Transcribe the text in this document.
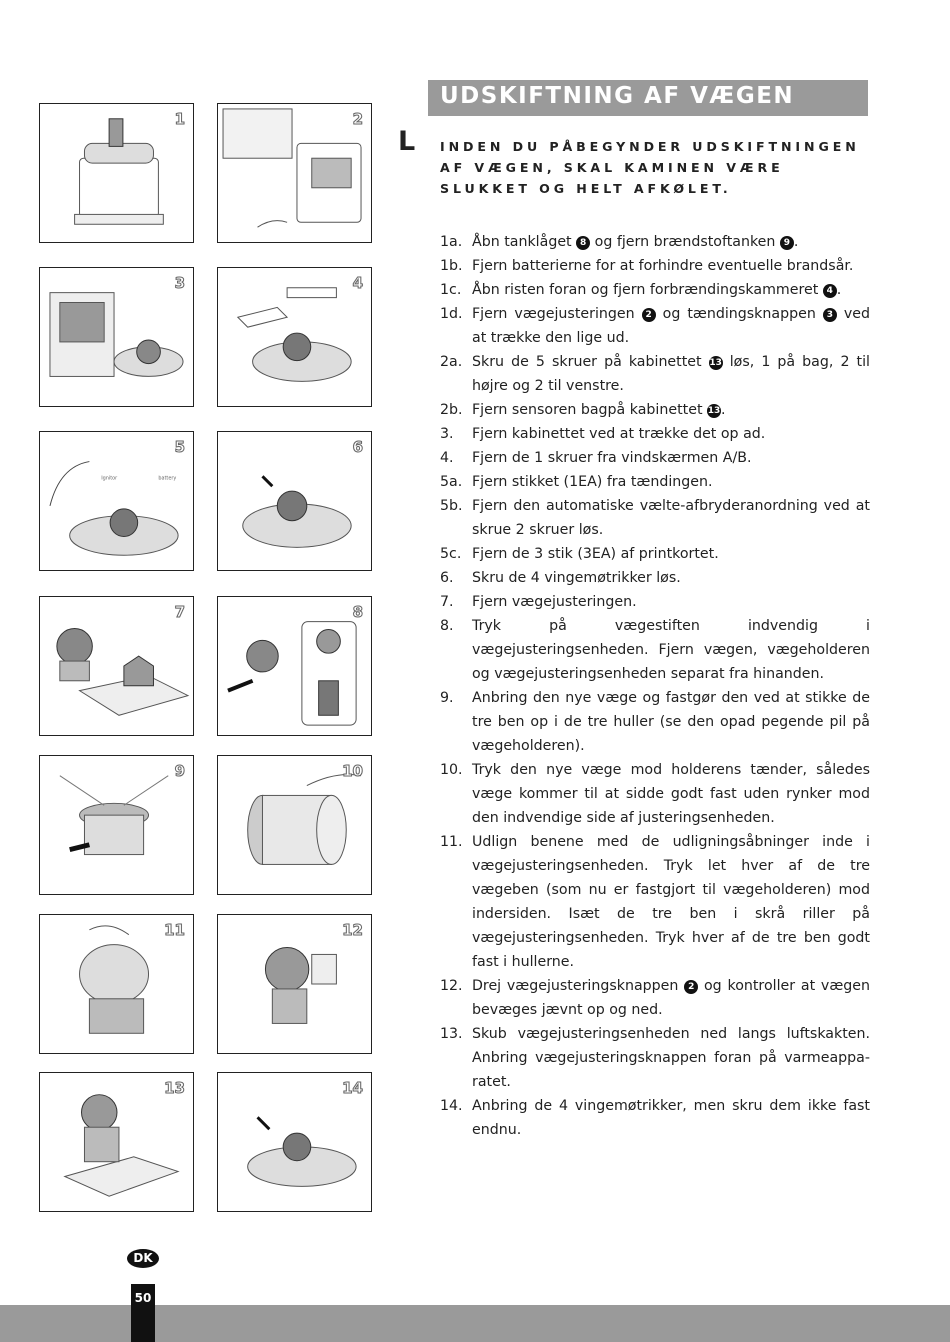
1	2
3	4
Ignitor	battery
5	6
7	8
9	10
11	12
13	14
UDSKIFTNING AF VÆGEN
L INDEN DU PÅBEGYNDER UDSKIFTNINGEN AF VÆGEN, SKAL KAMINEN VÆRE SLUKKET OG HELT AFKØLET.
1a. Åbn tanklåget 8 og fjern brændstoftanken 9 .
1b. Fjern batterierne for at forhindre eventuelle brandsår.
1c. Åbn risten foran og fjern forbrændingskammeret 4 .
1d. Fjern vægejusteringen 2 og tændingsknappen 3 ved at trække den lige ud.
2a. Skru de 5 skruer på kabinettet 13 løs, 1 på bag, 2 til højre og 2 til venstre.
2b. Fjern sensoren bagpå kabinettet 13.
3.	Fjern kabinettet ved at trække det op ad.
4.	Fjern de 1 skruer fra vindskærmen A/B.
5a. Fjern stikket (1EA) fra tændingen.
5b. Fjern den automatiske vælte-afbryderanordning ved at skrue 2 skruer løs.
5c. Fjern de 3 stik (3EA) af printkortet.
6.	Skru de 4 vingemøtrikker løs.
7.	Fjern vægejusteringen.
8.	Tryk på vægestiften indvendig i vægejusteringsenheden. Fjern vægen, vægeholderen og vægejusteringsenheden separat fra hinanden.
9.	Anbring den nye væge og fastgør den ved at stikke de tre ben op i de tre huller (se den opad pegende pil på vægeholderen).
10. Tryk den nye væge mod holderens tænder, således væge kommer til at sidde godt fast uden rynker mod den indvendige side af justeringsenheden.
11. Udlign benene med de udligningsåbninger inde i vægejusteringsenheden. Tryk let hver af de tre vægeben (som nu er fastgjort til vægeholderen) mod indersiden. Isæt de tre ben i skrå riller på vægejusteringsenheden. Tryk hver af de tre ben godt fast i hullerne.
12. Drej vægejusteringsknappen 2 og kontroller at vægen bevæges jævnt op og ned.
13. Skub vægejusteringsenheden ned langs luftskakten. Anbring vægejusteringsknappen foran på varmeappa-ratet.
14. Anbring de 4 vingemøtrikker, men skru dem ikke fast endnu.
DK
50
